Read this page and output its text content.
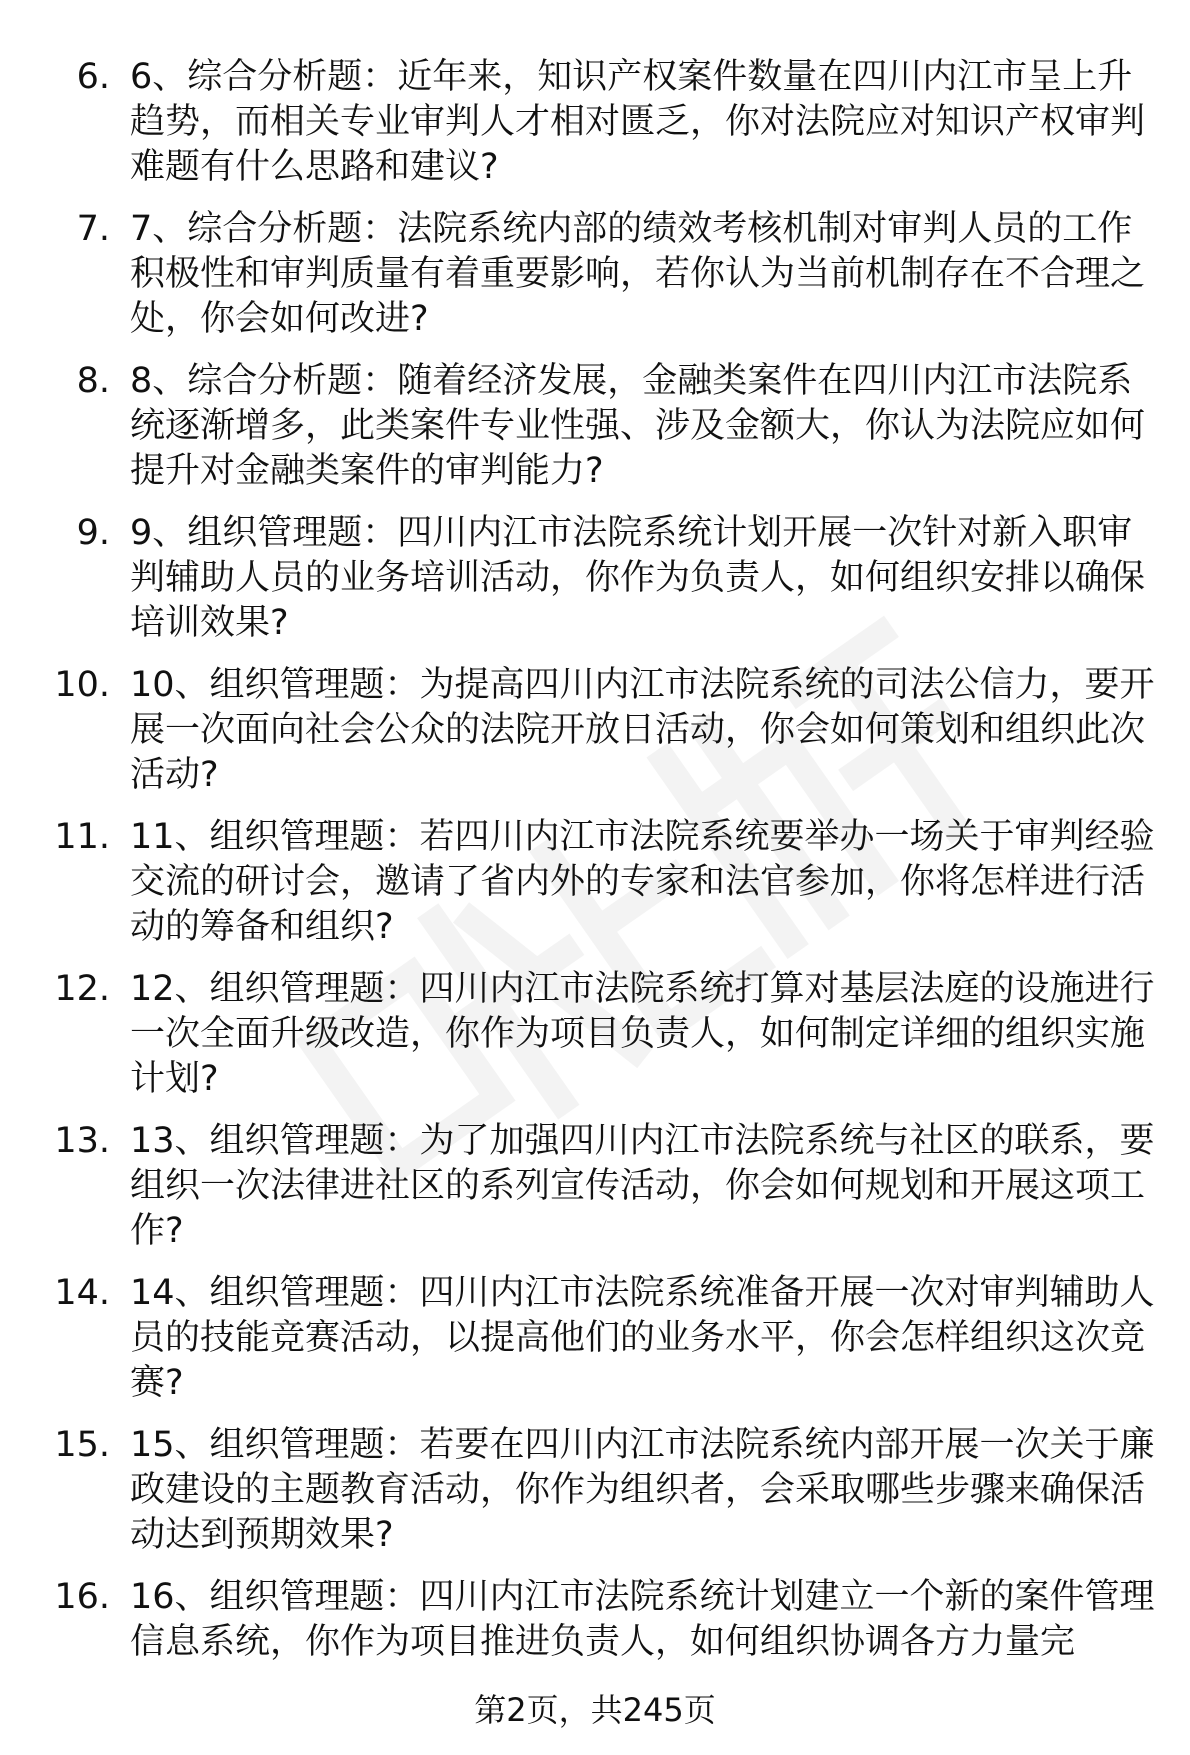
6. 6、综合分析题：近年来，知识产权案件数量在四川内江市呈上升趋势，而相关专业审判人才相对匮乏，你对法院应对知识产权审判难题有什么思路和建议?
7. 7、综合分析题：法院系统内部的绩效考核机制对审判人员的工作积极性和审判质量有着重要影响，若你认为当前机制存在不合理之处，你会如何改进?
8. 8、综合分析题：随着经济发展，金融类案件在四川内江市法院系统逐渐增多，此类案件专业性强、涉及金额大，你认为法院应如何提升对金融类案件的审判能力?
9. 9、组织管理题：四川内江市法院系统计划开展一次针对新入职审判辅助人员的业务培训活动，你作为负责人，如何组织安排以确保培训效果?
10. 10、组织管理题：为提高四川内江市法院系统的司法公信力，要开展一次面向社会公众的法院开放日活动，你会如何策划和组织此次活动?
11. 11、组织管理题：若四川内江市法院系统要举办一场关于审判经验交流的研讨会，邀请了省内外的专家和法官参加，你将怎样进行活动的筹备和组织?
12. 12、组织管理题：四川内江市法院系统打算对基层法庭的设施进行一次全面升级改造，你作为项目负责人，如何制定详细的组织实施计划?
13. 13、组织管理题：为了加强四川内江市法院系统与社区的联系，要组织一次法律进社区的系列宣传活动，你会如何规划和开展这项工作?
14. 14、组织管理题：四川内江市法院系统准备开展一次对审判辅助人员的技能竞赛活动，以提高他们的业务水平，你会怎样组织这次竞赛?
15. 15、组织管理题：若要在四川内江市法院系统内部开展一次关于廉政建设的主题教育活动，你作为组织者，会采取哪些步骤来确保活动达到预期效果?
16. 16、组织管理题：四川内江市法院系统计划建立一个新的案件管理信息系统，你作为项目推进负责人，如何组织协调各方力量完
第2页，共245页
